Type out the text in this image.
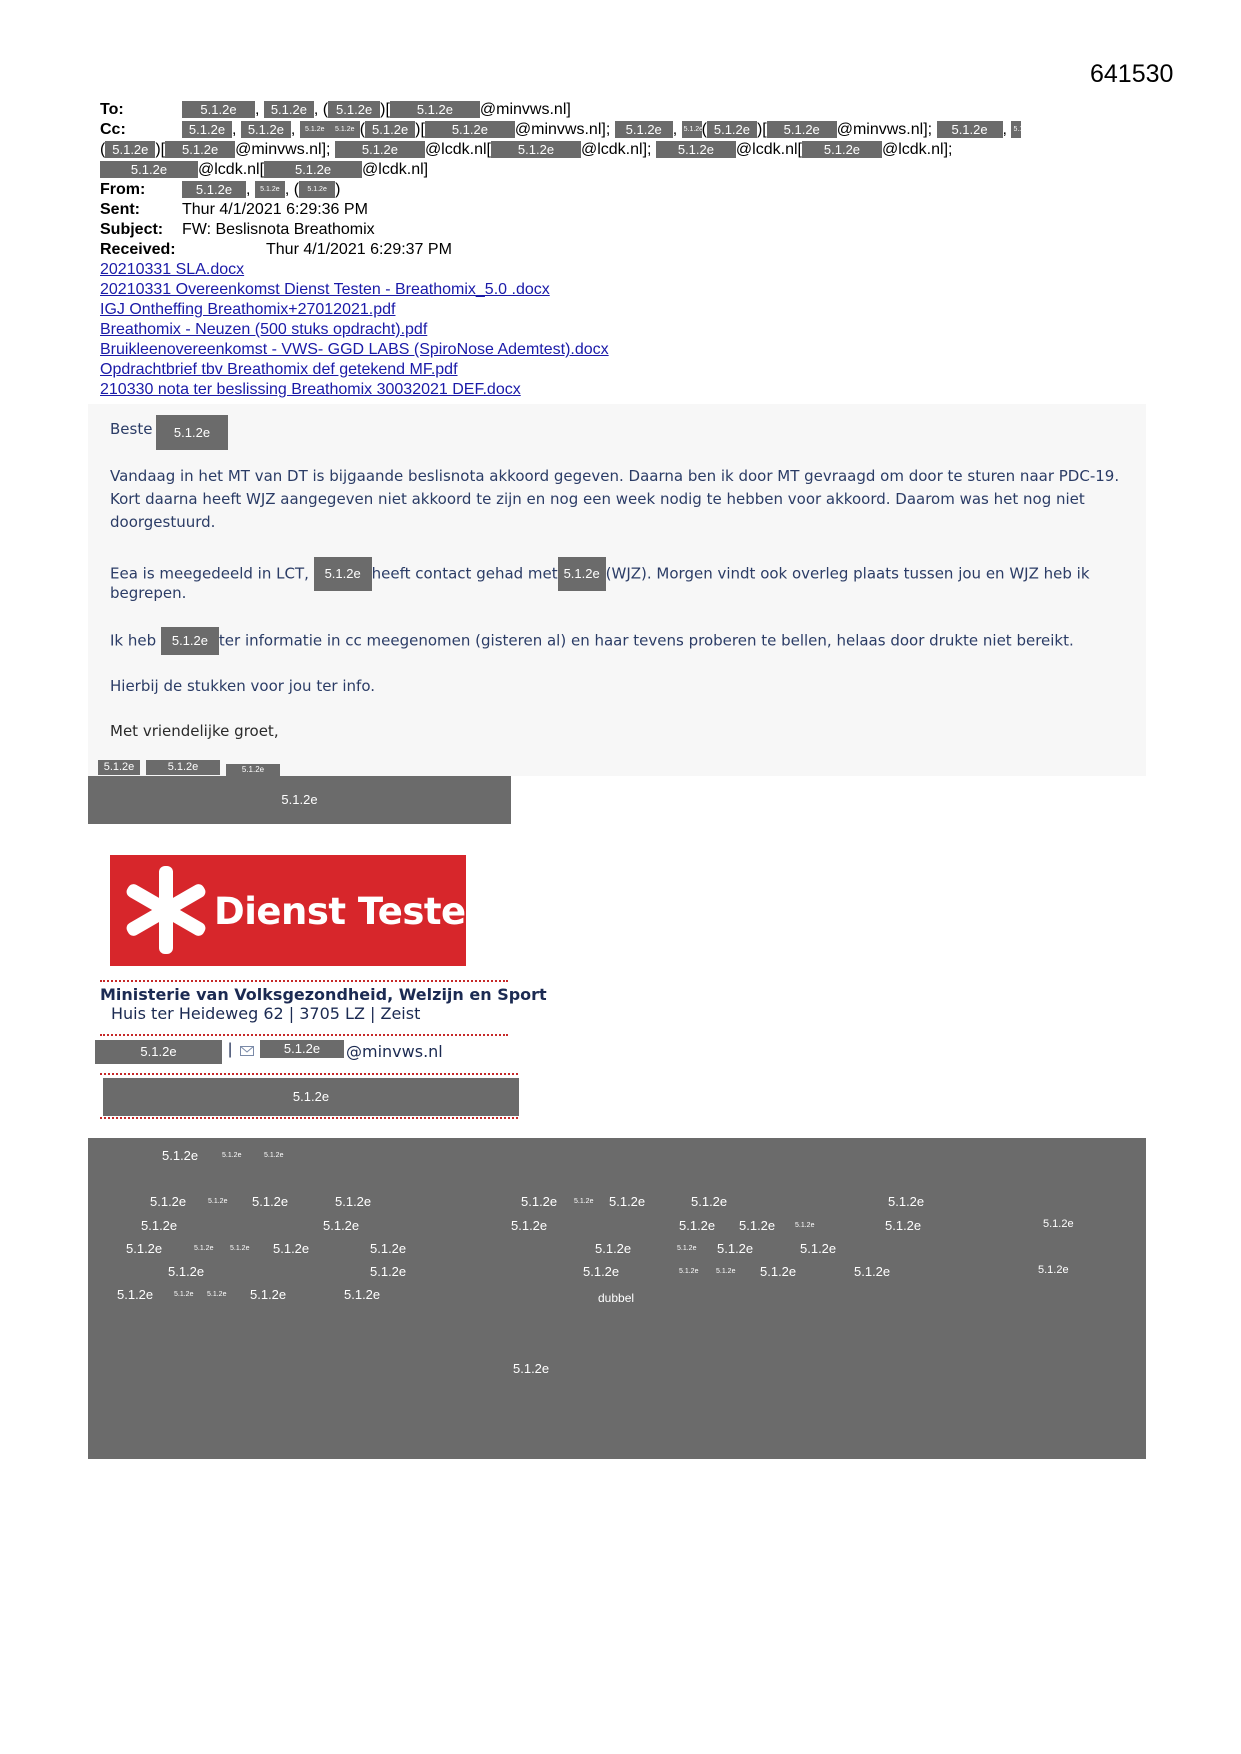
641530
To:	5.1.2e , 5.1.2e , ( 5.1.2e )[ 5.1.2e @minvws.nl]
Cc:	5.1.2e , 5.1.2e , 5.1.2e 5.1.2e ( 5.1.2e )[ 5.1.2e @minvws.nl]; 5.1.2e , 5.1.2e( 5.1.2e )[ 5.1.2e @minvws.nl]; 5.1.2e , 5.1.2e
( 5.1.2e )[ 5.1.2e @minvws.nl]; 5.1.2e @lcdk.nl[ 5.1.2e @lcdk.nl]; 5.1.2e @lcdk.nl[ 5.1.2e @lcdk.nl];
5.1.2e @lcdk.nl[ 5.1.2e @lcdk.nl]
From:	5.1.2e , 5.1.2e , ( 5.1.2e )
Sent:	Thur 4/1/2021 6:29:36 PM
Subject: FW: Beslisnota Breathomix
Received:	Thur 4/1/2021 6:29:37 PM
20210331 SLA.docx
20210331 Overeenkomst Dienst Testen - Breathomix_5.0 .docx
IGJ Ontheffing Breathomix+27012021.pdf
Breathomix - Neuzen (500 stuks opdracht).pdf
Bruikleenovereenkomst - VWS- GGD LABS (SpiroNose Ademtest).docx
Opdrachtbrief tbv Breathomix def getekend MF.pdf
210330 nota ter beslissing Breathomix 30032021 DEF.docx
Beste	5.1.2e
Vandaag in het MT van DT is bijgaande beslisnota akkoord gegeven. Daarna ben ik door MT gevraagd om door te sturen naar PDC-19. Kort daarna heeft WJZ aangegeven niet akkoord te zijn en nog een week nodig te hebben voor akkoord. Daarom was het nog niet doorgestuurd.
Eea is meegedeeld in LCT, 5.1.2e heeft contact gehad met 5.1.2e (WJZ). Morgen vindt ook overleg plaats tussen jou en WJZ heb ik
begrepen.
Ik heb 5.1.2e ter informatie in cc meegenomen (gisteren al) en haar tevens proberen te bellen, helaas door drukte niet bereikt.
Hierbij de stukken voor jou ter info.
Met vriendelijke groet,
5.1.2e	5.1.2e	5.1.2e
5.1.2e
Dienst Testen
Ministerie van Volksgezondheid, Welzijn en Sport
Huis ter Heideweg 62 | 3705 LZ | Zeist
5.1.2e	|	5.1.2e	@minvws.nl
5.1.2e
5.1.2e	5.1.2e	5.1.2e
5.1.2e	5.1.2e 5.1.2e	5.1.2e	5.1.2e 5.1.2e 5.1.2e	5.1.2e	5.1.2e
5.1.2e	5.1.2e	5.1.2e	5.1.2e 5.1.2e	5.1.2e	5.1.2e	5.1.2e
5.1.2e	5.1.2e 5.1.2e 5.1.2e	5.1.2e	5.1.2e	5.1.2e 5.1.2e	5.1.2e
5.1.2e	5.1.2e	5.1.2e	5.1.2e	5.1.2e 5.1.2e	5.1.2e	5.1.2e
5.1.2e	5.1.2e 5.1.2e 5.1.2e	5.1.2e	dubbel
5.1.2e
